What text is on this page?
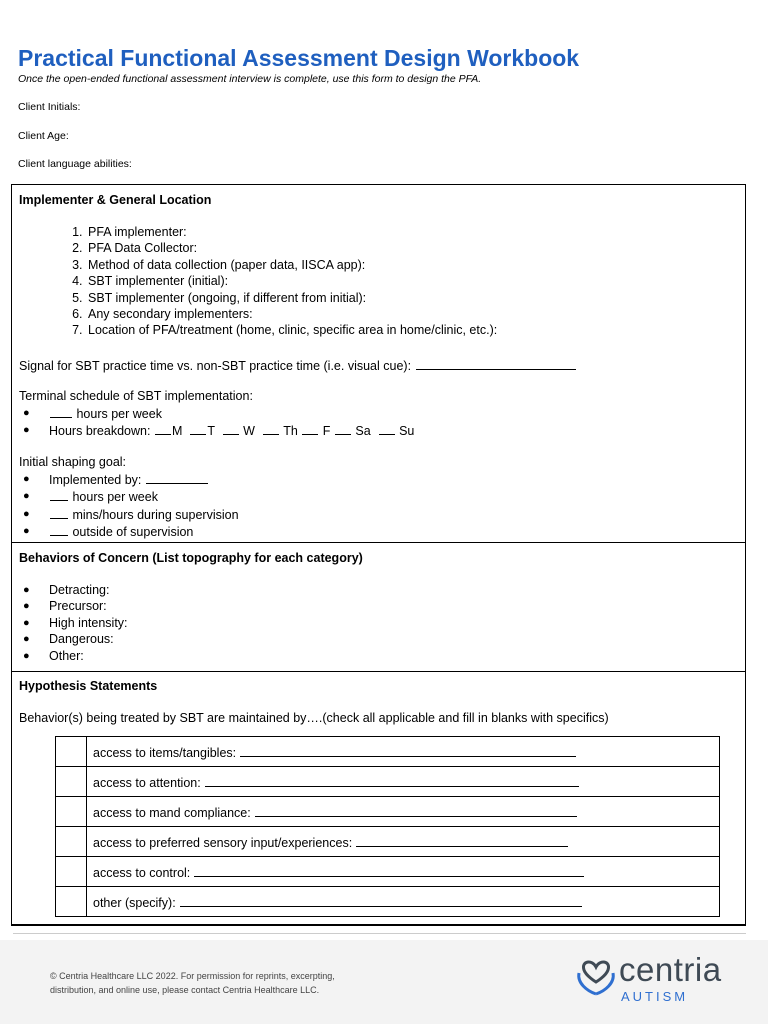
Practical Functional Assessment Design Workbook
Once the open-ended functional assessment interview is complete, use this form to design the PFA.
Client Initials:
Client Age:
Client language abilities:
Implementer & General Location
1. PFA implementer:
2. PFA Data Collector:
3. Method of data collection (paper data, IISCA app):
4. SBT implementer (initial):
5. SBT implementer (ongoing, if different from initial):
6. Any secondary implementers:
7. Location of PFA/treatment (home, clinic, specific area in home/clinic, etc.):
Signal for SBT practice time vs. non-SBT practice time (i.e. visual cue):
Terminal schedule of SBT implementation:
●	hours per week
● Hours breakdown: M T W Th F Sa Su
Initial shaping goal:
● Implemented by:
●	hours per week
●	mins/hours during supervision
●	outside of supervision
Behaviors of Concern (List topography for each category)
● Detracting:
● Precursor:
● High intensity:
● Dangerous:
● Other:
Hypothesis Statements
Behavior(s) being treated by SBT are maintained by….(check all applicable and fill in blanks with specifics)
	access to items/tangibles:
	access to attention:
	access to mand compliance:
	access to preferred sensory input/experiences:
	access to control:
	other (specify):
© Centria Healthcare LLC 2022. For permission for reprints, excerpting,
distribution, and online use, please contact Centria Healthcare LLC.
centria
AUTISM
